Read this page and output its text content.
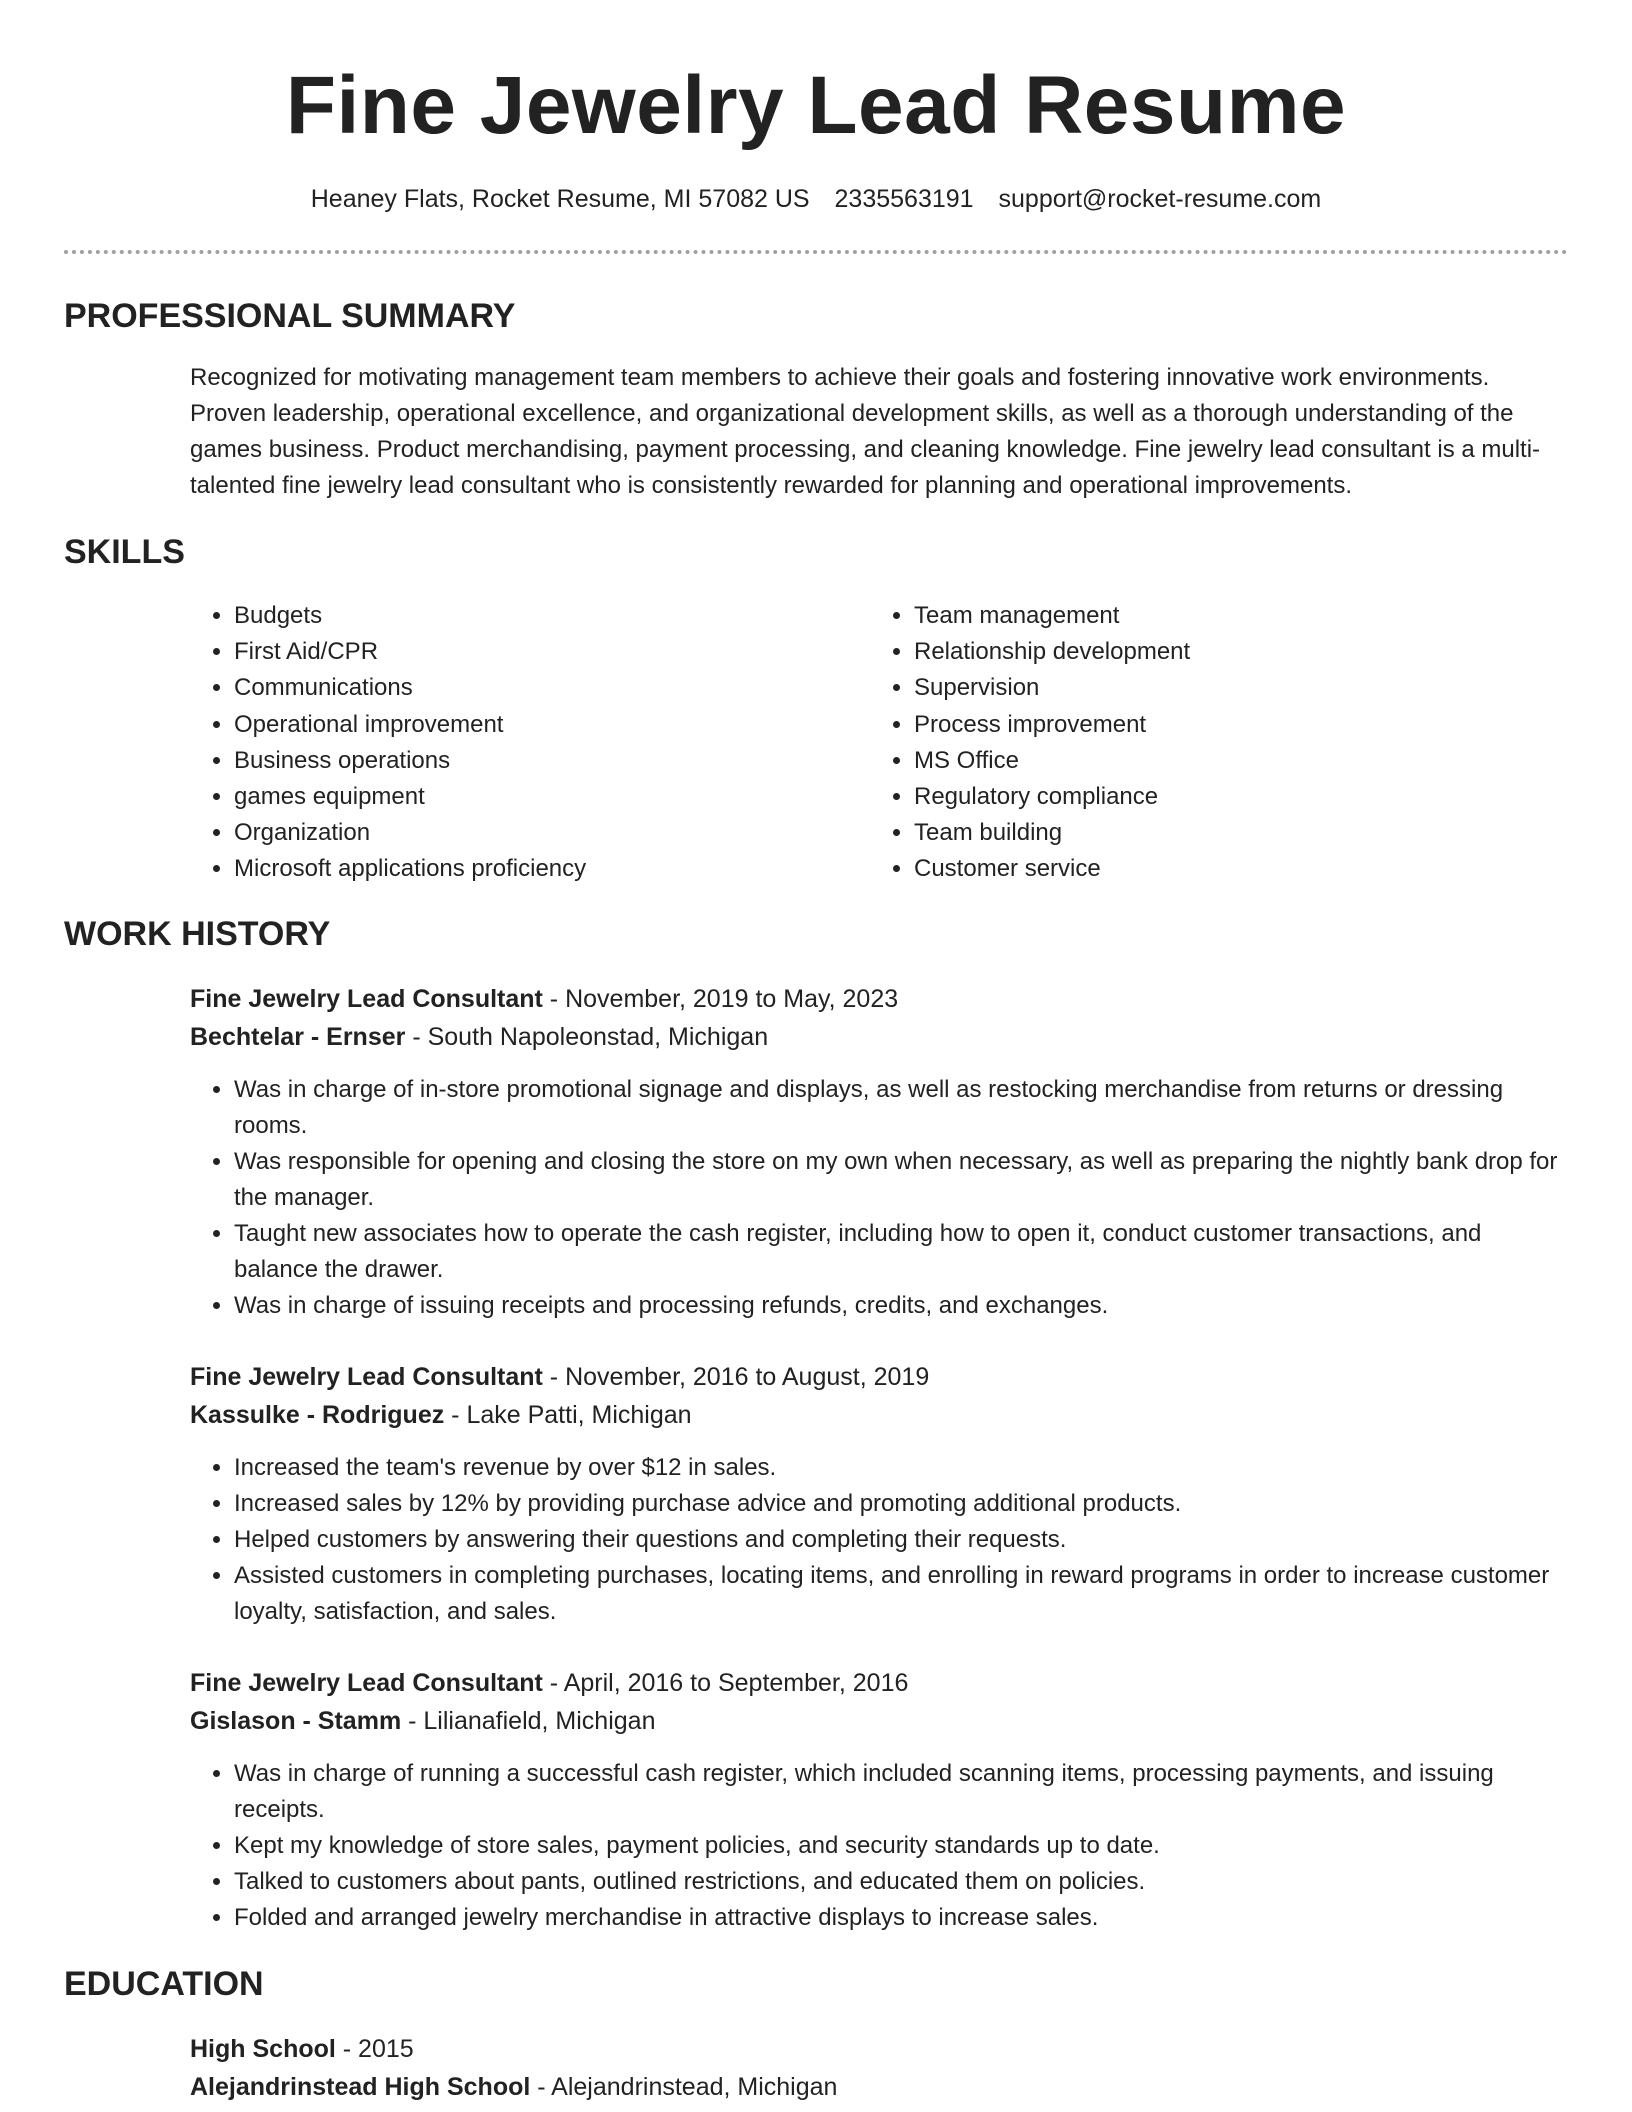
Fine Jewelry Lead Resume
Heaney Flats, Rocket Resume, MI 57082 US 2335563191 support@rocket-resume.com
PROFESSIONAL SUMMARY

Recognized for motivating management team members to achieve their goals and fostering innovative work environments. Proven leadership, operational excellence, and organizational development skills, as well as a thorough understanding of the games business. Product merchandising, payment processing, and cleaning knowledge. Fine jewelry lead consultant is a multi-talented fine jewelry lead consultant who is consistently rewarded for planning and operational improvements.

SKILLS
• Budgets
• First Aid/CPR
• Communications
• Operational improvement
• Business operations
• games equipment
• Organization
• Microsoft applications proficiency
• Team management
• Relationship development
• Supervision
• Process improvement
• MS Office
• Regulatory compliance
• Team building
• Customer service
WORK HISTORY
Fine Jewelry Lead Consultant - November, 2019 to May, 2023
Bechtelar - Ernser - South Napoleonstad, Michigan
• Was in charge of in-store promotional signage and displays, as well as restocking merchandise from returns or dressing rooms.
• Was responsible for opening and closing the store on my own when necessary, as well as preparing the nightly bank drop for the manager.
• Taught new associates how to operate the cash register, including how to open it, conduct customer transactions, and balance the drawer.
• Was in charge of issuing receipts and processing refunds, credits, and exchanges.
Fine Jewelry Lead Consultant - November, 2016 to August, 2019
Kassulke - Rodriguez - Lake Patti, Michigan
• Increased the team's revenue by over $12 in sales.
• Increased sales by 12% by providing purchase advice and promoting additional products.
• Helped customers by answering their questions and completing their requests.
• Assisted customers in completing purchases, locating items, and enrolling in reward programs in order to increase customer loyalty, satisfaction, and sales.
Fine Jewelry Lead Consultant - April, 2016 to September, 2016
Gislason - Stamm - Lilianafield, Michigan
• Was in charge of running a successful cash register, which included scanning items, processing payments, and issuing receipts.
• Kept my knowledge of store sales, payment policies, and security standards up to date.
• Talked to customers about pants, outlined restrictions, and educated them on policies.
• Folded and arranged jewelry merchandise in attractive displays to increase sales.
EDUCATION
High School - 2015
Alejandrinstead High School - Alejandrinstead, Michigan
